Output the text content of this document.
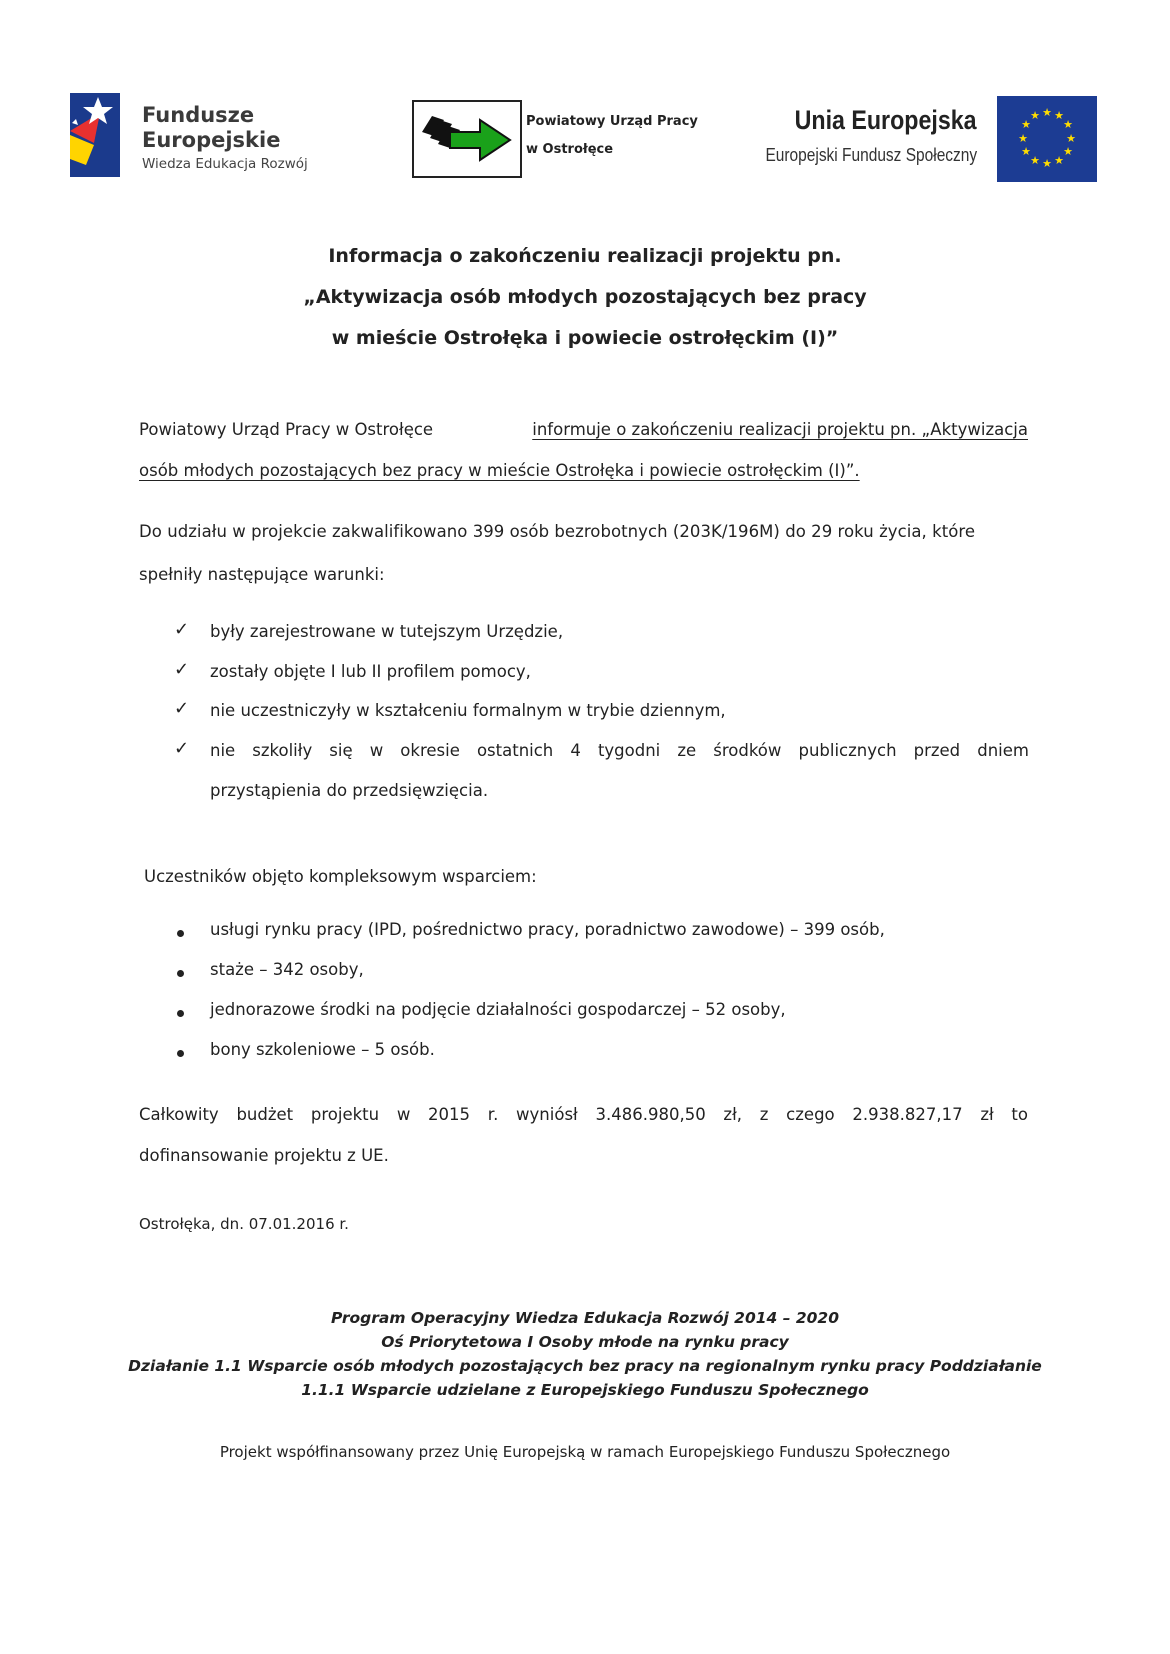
Fundusze
Europejskie
Wiedza Edukacja Rozwój
Powiatowy Urząd Pracy
w Ostrołęce
Unia Europejska
Europejski Fundusz Społeczny
★ ★
★
★
★
★
★
★
★
★
★
★
Informacja o zakończeniu realizacji projektu pn.
„Aktywizacja osób młodych pozostających bez pracy
w mieście Ostrołęka i powiecie ostrołęckim (I)”
Powiatowy Urząd Pracy w Ostrołęce	informuje o zakończeniu realizacji projektu pn. „Aktywizacja
osób młodych pozostających bez pracy w mieście Ostrołęka i powiecie ostrołęckim (I)”.
Do udziału w projekcie zakwalifikowano 399 osób bezrobotnych (203K/196M) do 29 roku życia, które
spełniły następujące warunki:
✓ były zarejestrowane w tutejszym Urzędzie,
✓ zostały objęte I lub II profilem pomocy,
✓ nie uczestniczyły w kształceniu formalnym w trybie dziennym,
✓ nie szkoliły się w okresie ostatnich 4 tygodni ze środków publicznych przed dniem
przystąpienia do przedsięwzięcia.
Uczestników objęto kompleksowym wsparciem:
usługi rynku pracy (IPD, pośrednictwo pracy, poradnictwo zawodowe) – 399 osób,
staże – 342 osoby,
jednorazowe środki na podjęcie działalności gospodarczej – 52 osoby,
bony szkoleniowe – 5 osób.
Całkowity budżet projektu w 2015 r. wyniósł 3.486.980,50 zł, z czego 2.938.827,17 zł to
dofinansowanie projektu z UE.
Ostrołęka, dn. 07.01.2016 r.
Program Operacyjny Wiedza Edukacja Rozwój 2014 – 2020
Oś Priorytetowa I Osoby młode na rynku pracy
Działanie 1.1 Wsparcie osób młodych pozostających bez pracy na regionalnym rynku pracy Poddziałanie
1.1.1 Wsparcie udzielane z Europejskiego Funduszu Społecznego
Projekt współfinansowany przez Unię Europejską w ramach Europejskiego Funduszu Społecznego
